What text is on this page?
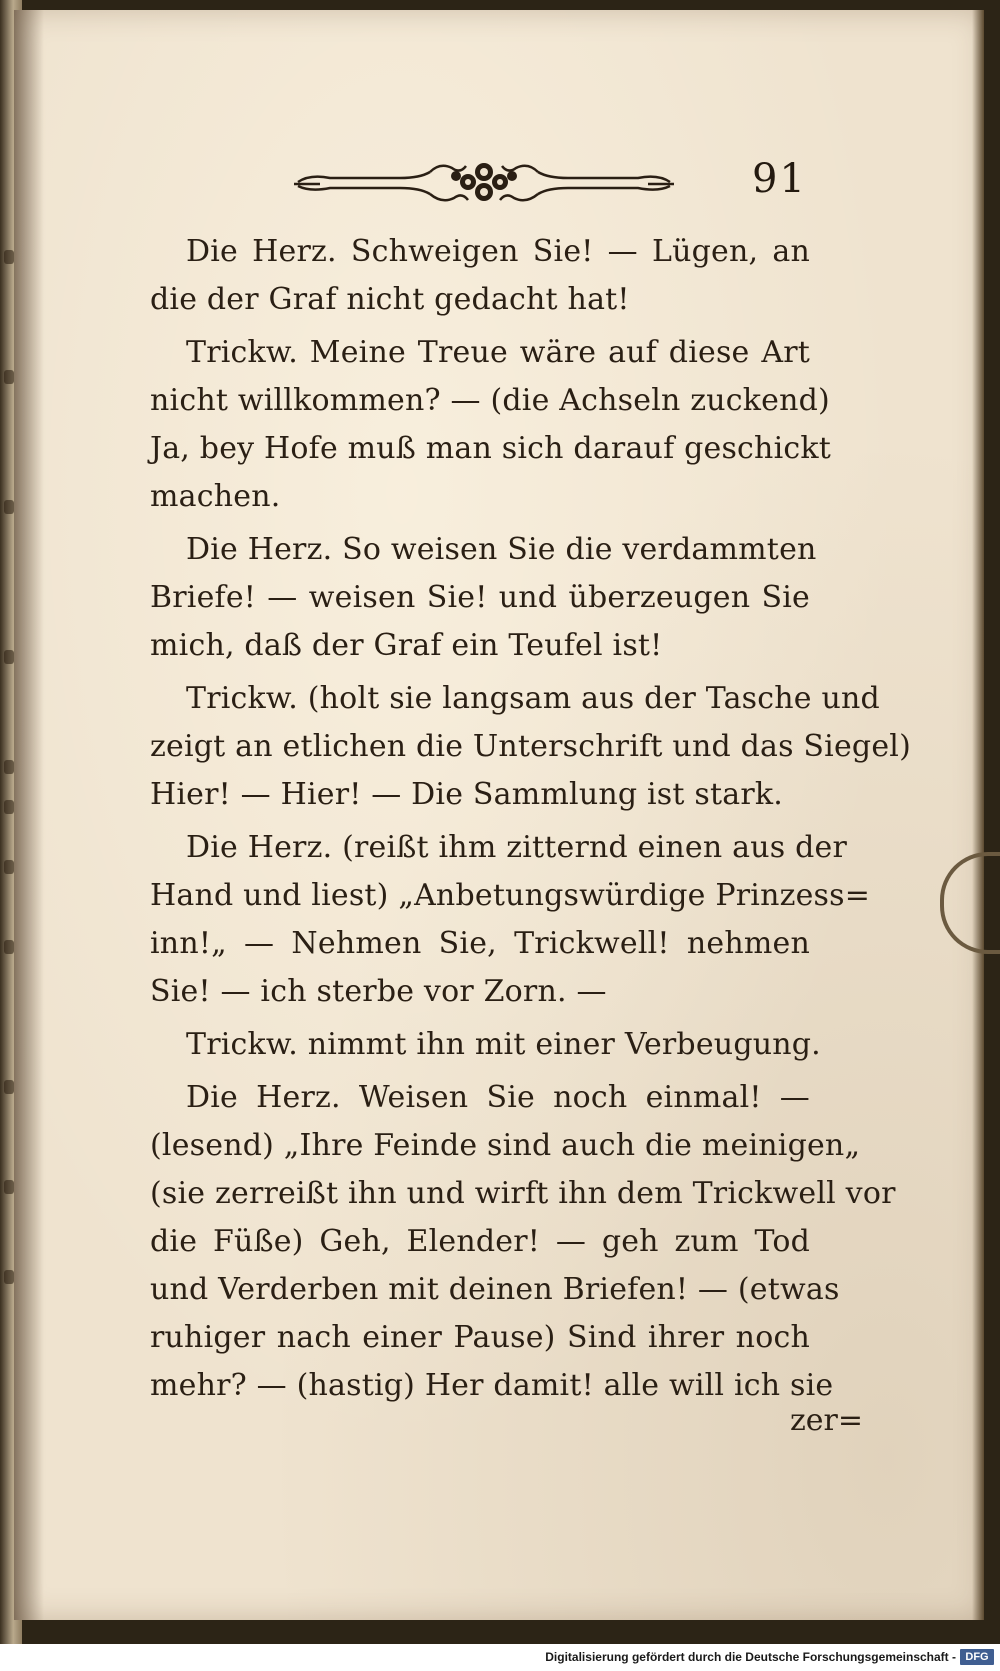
91
Die Herz. Schweigen Sie! — Lügen, an
die der Graf nicht gedacht hat!
Trickw. Meine Treue wäre auf diese Art
nicht willkommen? — (die Achseln zuckend)
Ja, bey Hofe muß man sich darauf geschickt
machen.
Die Herz. So weisen Sie die verdammten
Briefe! — weisen Sie! und überzeugen Sie
mich, daß der Graf ein Teufel ist!
Trickw. (holt sie langsam aus der Tasche und
zeigt an etlichen die Unterschrift und das Siegel)
Hier! — Hier! — Die Sammlung ist stark.
Die Herz. (reißt ihm zitternd einen aus der
Hand und liest) „Anbetungswürdige Prinzess=
inn!„ — Nehmen Sie, Trickwell! nehmen
Sie! — ich sterbe vor Zorn. —
Trickw. nimmt ihn mit einer Verbeugung.
Die Herz. Weisen Sie noch einmal! —
(lesend) „Ihre Feinde sind auch die meinigen„
(sie zerreißt ihn und wirft ihn dem Trickwell vor
die Füße) Geh, Elender! — geh zum Tod
und Verderben mit deinen Briefen! — (etwas
ruhiger nach einer Pause) Sind ihrer noch
mehr? — (hastig) Her damit! alle will ich sie
zer=
Digitalisierung gefördert durch die Deutsche Forschungsgemeinschaft - DFG
